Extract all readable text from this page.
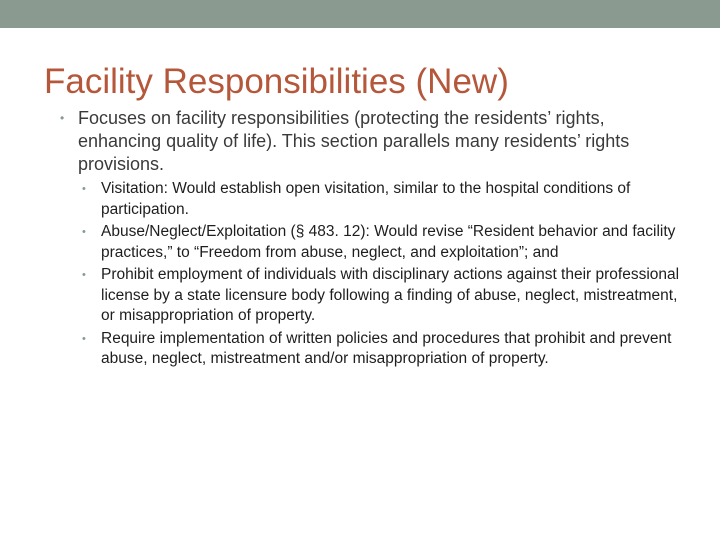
Facility Responsibilities (New)
• Focuses on facility responsibilities (protecting the residents’ rights, enhancing quality of life). This section parallels many residents’ rights provisions.
• Visitation: Would establish open visitation, similar to the hospital conditions of participation.
• Abuse/Neglect/Exploitation (§ 483. 12): Would revise “Resident behavior and facility practices,” to “Freedom from abuse, neglect, and exploitation”; and
• Prohibit employment of individuals with disciplinary actions against their professional license by a state licensure body following a finding of abuse, neglect, mistreatment, or misappropriation of property.
• Require implementation of written policies and procedures that prohibit and prevent abuse, neglect, mistreatment and/or misappropriation of property.
